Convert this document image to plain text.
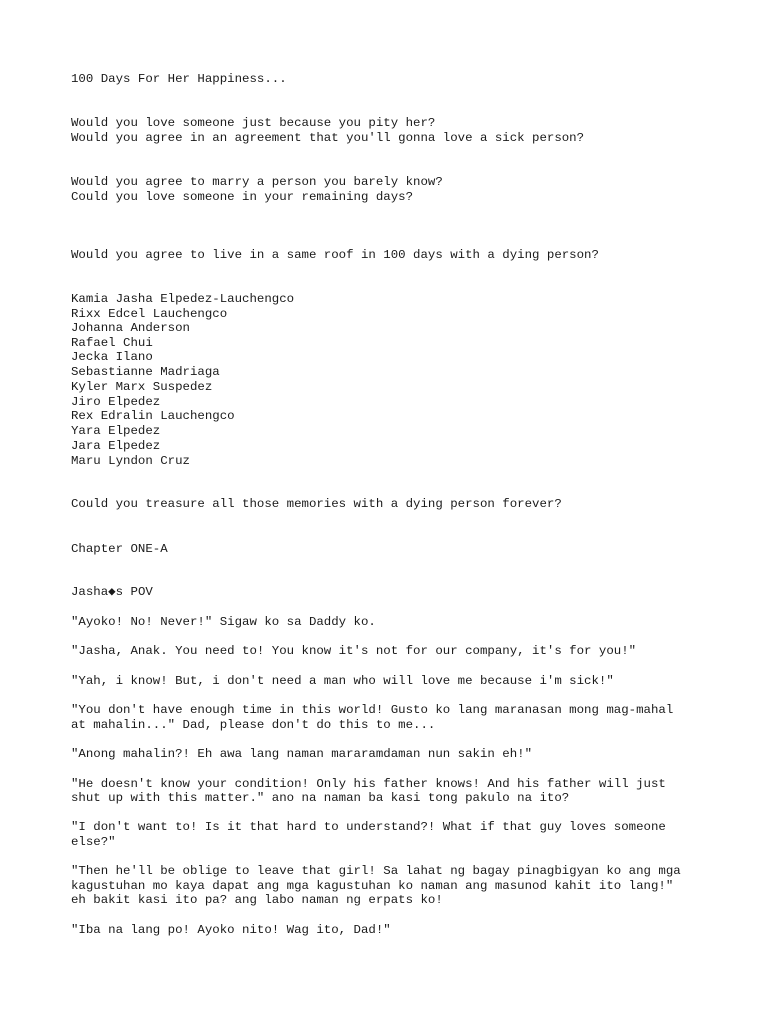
100 Days For Her Happiness...

Would you love someone just because you pity her?

Would you agree in an agreement that you'll gonna love a sick person?

Would you agree to marry a person you barely know?

Could you love someone in your remaining days?

Would you agree to live in a same roof in 100 days with a dying person?

Kamia Jasha Elpedez-Lauchengco

Rixx Edcel Lauchengco

Johanna Anderson

Rafael Chui

Jecka Ilano

Sebastianne Madriaga

Kyler Marx Suspedez

Jiro Elpedez

Rex Edralin Lauchengco

Yara Elpedez

Jara Elpedez

Maru Lyndon Cruz

Could you treasure all those memories with a dying person forever?

Chapter ONE-A

Jasha◆s POV

"Ayoko! No! Never!" Sigaw ko sa Daddy ko.

"Jasha, Anak. You need to! You know it's not for our company, it's for you!"

"Yah, i know! But, i don't need a man who will love me because i'm sick!"

"You don't have enough time in this world! Gusto ko lang maranasan mong mag-mahal

at mahalin..." Dad, please don't do this to me...

"Anong mahalin?! Eh awa lang naman mararamdaman nun sakin eh!"

"He doesn't know your condition! Only his father knows! And his father will just

shut up with this matter." ano na naman ba kasi tong pakulo na ito?

"I don't want to! Is it that hard to understand?! What if that guy loves someone

else?"

"Then he'll be oblige to leave that girl! Sa lahat ng bagay pinagbigyan ko ang mga

kagustuhan mo kaya dapat ang mga kagustuhan ko naman ang masunod kahit ito lang!"

eh bakit kasi ito pa? ang labo naman ng erpats ko!

"Iba na lang po! Ayoko nito! Wag ito, Dad!"
